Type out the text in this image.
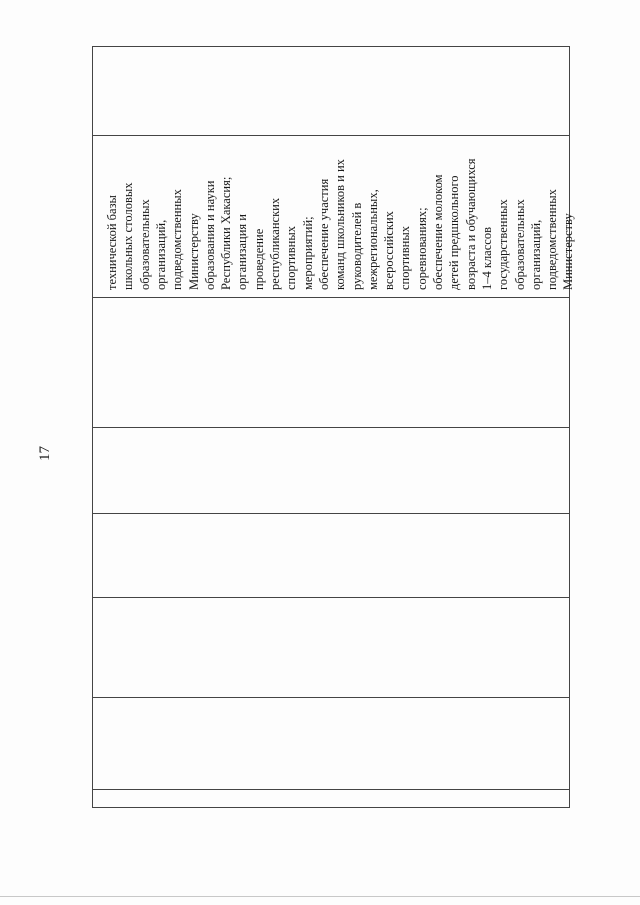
17
технической базы школьных столовых образовательных организаций, подведомственных Министерству образования и науки Республики Хакасия; организация и проведение республиканских спортивных мероприятий; обеспечение участия команд школьников и их руководителей в межрегиональных, всероссийских спортивных соревнованиях; обеспечение молоком детей предшкольного возраста и обучающихся 1–4 классов государственных образовательных организаций, подведомственных Министерству
